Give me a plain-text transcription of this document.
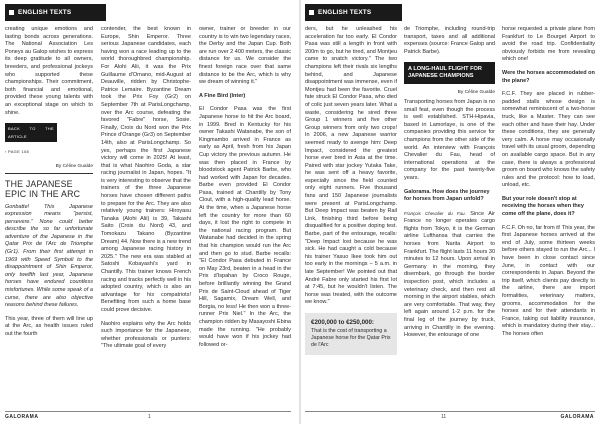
ENGLISH TEXTS

creating unique emotions and lasting bonds across generations. The National Association Les Poneys au Galop wishes to express its deep gratitude to all owners, breeders, and professional jockeys who supported these championships. Their commitment, both financial and emotional, provided these young talents with an exceptional stage on which to shine.

BACK TO THE ARTICLE
› PAGE 108
By Céline Gualde
THE JAPANESE EPIC IN THE ARC

Gonbatte! This Japanese expression means "persist, persevere." None could better describe the so far unfortunate adventure of the Japanese in the Qatar Prix de l'Arc de Triomphe (Gr1). From their first attempt in 1969 with Speed Symboli to the disappointment of Shin Emperor, only twelfth last year, Japanese horses have endured countless misfortunes. While some speak of a curse, there are also objective reasons behind these failures.

This year, three of them will line up at the Arc, as health issues ruled out the fourth

contender, the best known in Europe, Shin Emperor. Three serious Japanese candidates, each having won a race leading up to the world thoroughbred championship. For Alohi Alii, it was the Prix Guillaume d'Ornano, mid-August at Deauville, ridden by Christophe-Patrice Lemaire. Byzantine Dream took the Prix Foy (Gr2) on September 7th at ParisLongchamp, over the Arc course, defeating the favored "Fabre" horse, Sosie. Finally, Croix du Nord won the Prix Prince d'Orange (Gr3) on September 14th, also at ParisLongchamp. So yes, perhaps the first Japanese victory will come in 2025! At least, that is what Naohiro Goda, a star racing journalist in Japan, hopes. "It is very interesting to observe that the trainers of the three Japanese horses have chosen different paths to prepare for the Arc. They are also relatively young trainers: Hiroyasu Tanaka (Alohi Alii) is 39, Takashi Saito (Croix du Nord) 43, and Tomokazu Takano (Byzantine Dream) 44. Now there is a new trend among Japanese racing history in 2025." The new era was stabled at Satoshi Kobayashi's yard in Chantilly. This trainer knows French racing and tracks perfectly well in his adopted country, which is also an advantage for his compatriots! Benefiting from such a home base could prove decisive.

Naohiro explains why the Arc holds such importance for the Japanese, whether professionals or punters: "The ultimate goal of every

owner, trainer or breeder in our country is to win two legendary races, the Derby and the Japan Cup. Both are run over 2 400 meters, the classic distance for us. We consider the finest foreign race over that same distance to be the Arc, which is why we dream of winning it."

A Fine Bird (Inter)

El Condor Pasa was the first Japanese horse to hit the Arc board, in 1999. Bred in Kentucky for his owner Takashi Watanabe, the son of Kingmambo arrived in France as early as April, fresh from his Japan Cup victory the previous autumn. He was then placed in France by bloodstock agent Patrick Barbe, who had worked with Japan for decades. Barbe even provided El Condor Pasa, trained at Chantilly by Tony Clout, with a high-quality lead horse. At the time, when a Japanese horse left the country for more than 60 days, it lost the right to compete in the national racing program. But Watanabe had decided in the spring that his champion would run the Arc and then go to stud. Barbe recalls: "El Condor Pasa debuted in France on May 23rd, beaten in a head in the Prix d'Ispahan by Croco Rouge, before brilliantly winning the Grand Prix de Saint-Cloud ahead of Tiger Hill, Sagamix, Dream Well, and Borgia, no less! He then won a three-runner Prix Niel." In the Arc, the champion ridden by Masayoshi Ebina made the running. "He probably would have won if his jockey had followed or-

GALORAMA	1
ENGLISH TEXTS

ders, but he unleashed his acceleration far too early. El Condor Pasa was still a length in front with 200m to go, but he tired, and Montjeu came to snatch victory." The two champions left their rivals six lengths behind, and Japanese disappointment was immense, even if Montjeu had been the favorite. Cruel fate struck El Condor Pasa, who died of colic just seven years later. What a waste, considering he sired three Group 1 winners and five other Group winners from only two crops! In 2006, a new Japanese warrior seemed ready to avenge him: Deep Impact, considered the greatest horse ever bred in Asia at the time. Paired with star jockey Yutaka Take, he was sent off a heavy favorite, especially since the field counted only eight runners. Five thousand fans and 150 Japanese journalists were present at ParisLongchamp. But Deep Impact was beaten by Rail Link, finishing third before being disqualified for a positive doping test. Barbe, part of the entourage, recalls: "Deep Impact lost because he was sick. He had caught a cold because his trainer Yasuo Ikee took him out too early in the mornings – 5 a.m. in late September! We pointed out that André Fabre only started his first lot at 7:45, but he wouldn't listen. The horse was treated, with the outcome we know."

€200,000 to €250,000:
That is the cost of transporting a Japanese horse for the Qatar Prix de l'Arc

de Triomphe, including round-trip transport, taxes and all additional expenses (source: France Galop and Patrick Barbe).

A LONG-HAUL FLIGHT FOR JAPANESE CHAMPIONS
By Céline Gualde

Transporting horses from Japan is no small feat, even though the process is well established. STH-Hipavia, based in Lamorlaye, is one of the companies providing this service for champions from the other side of the world. An interview with François Chevalier du Fau, head of international operations at the company for the past twenty-five years.

Galorama. How does the journey for horses from Japan unfold?

François Chevalier du Fau. Since Air France no longer operates cargo flights from Tokyo, it is the German airline Lufthansa that carries the horses from Narita Airport to Frankfurt. The flight lasts 11 hours 30 minutes to 12 hours. Upon arrival in Germany in the morning, they disembark, go through the border inspection post, which includes a veterinary check, and then rest all morning in the airport stables, which are very comfortable. That way, they left again around 1-2 p.m. for the final leg of the journey by truck, arriving in Chantilly in the evening. However, the entourage of one

horse requested a private plane from Frankfurt to Le Bourget Airport to avoid the road trip. Confidentiality obviously forbids me from revealing which one!

Were the horses accommodated on the plane?

F.C.F. They are placed in rubber-padded stalls whose design is somewhat reminiscent of a two-horse truck, like a Master. They can see each other and have their hay. Under these conditions, they are generally very calm. A horse may occasionally travel with its usual groom, depending on available cargo space. But in any case, there is always a professional groom on board who knows the safety rules and the protocol: how to load, unload, etc.

But your role doesn't stop at receiving the horses when they come off the plane, does it?

F.C.F. Oh no, far from it! This year, the first Japanese horses arrived at the end of July, some thirteen weeks before others stayed to run the Arc... I have been in close contact since June, in contact with our correspondents in Japan. Beyond the trip itself, which clients pay directly to the airline, there are import formalities, veterinary matters, grooms, accommodation for the horses and for their attendants in France, taking out liability insurance, which is mandatory during their stay... The horses often

11	GALORAMA
